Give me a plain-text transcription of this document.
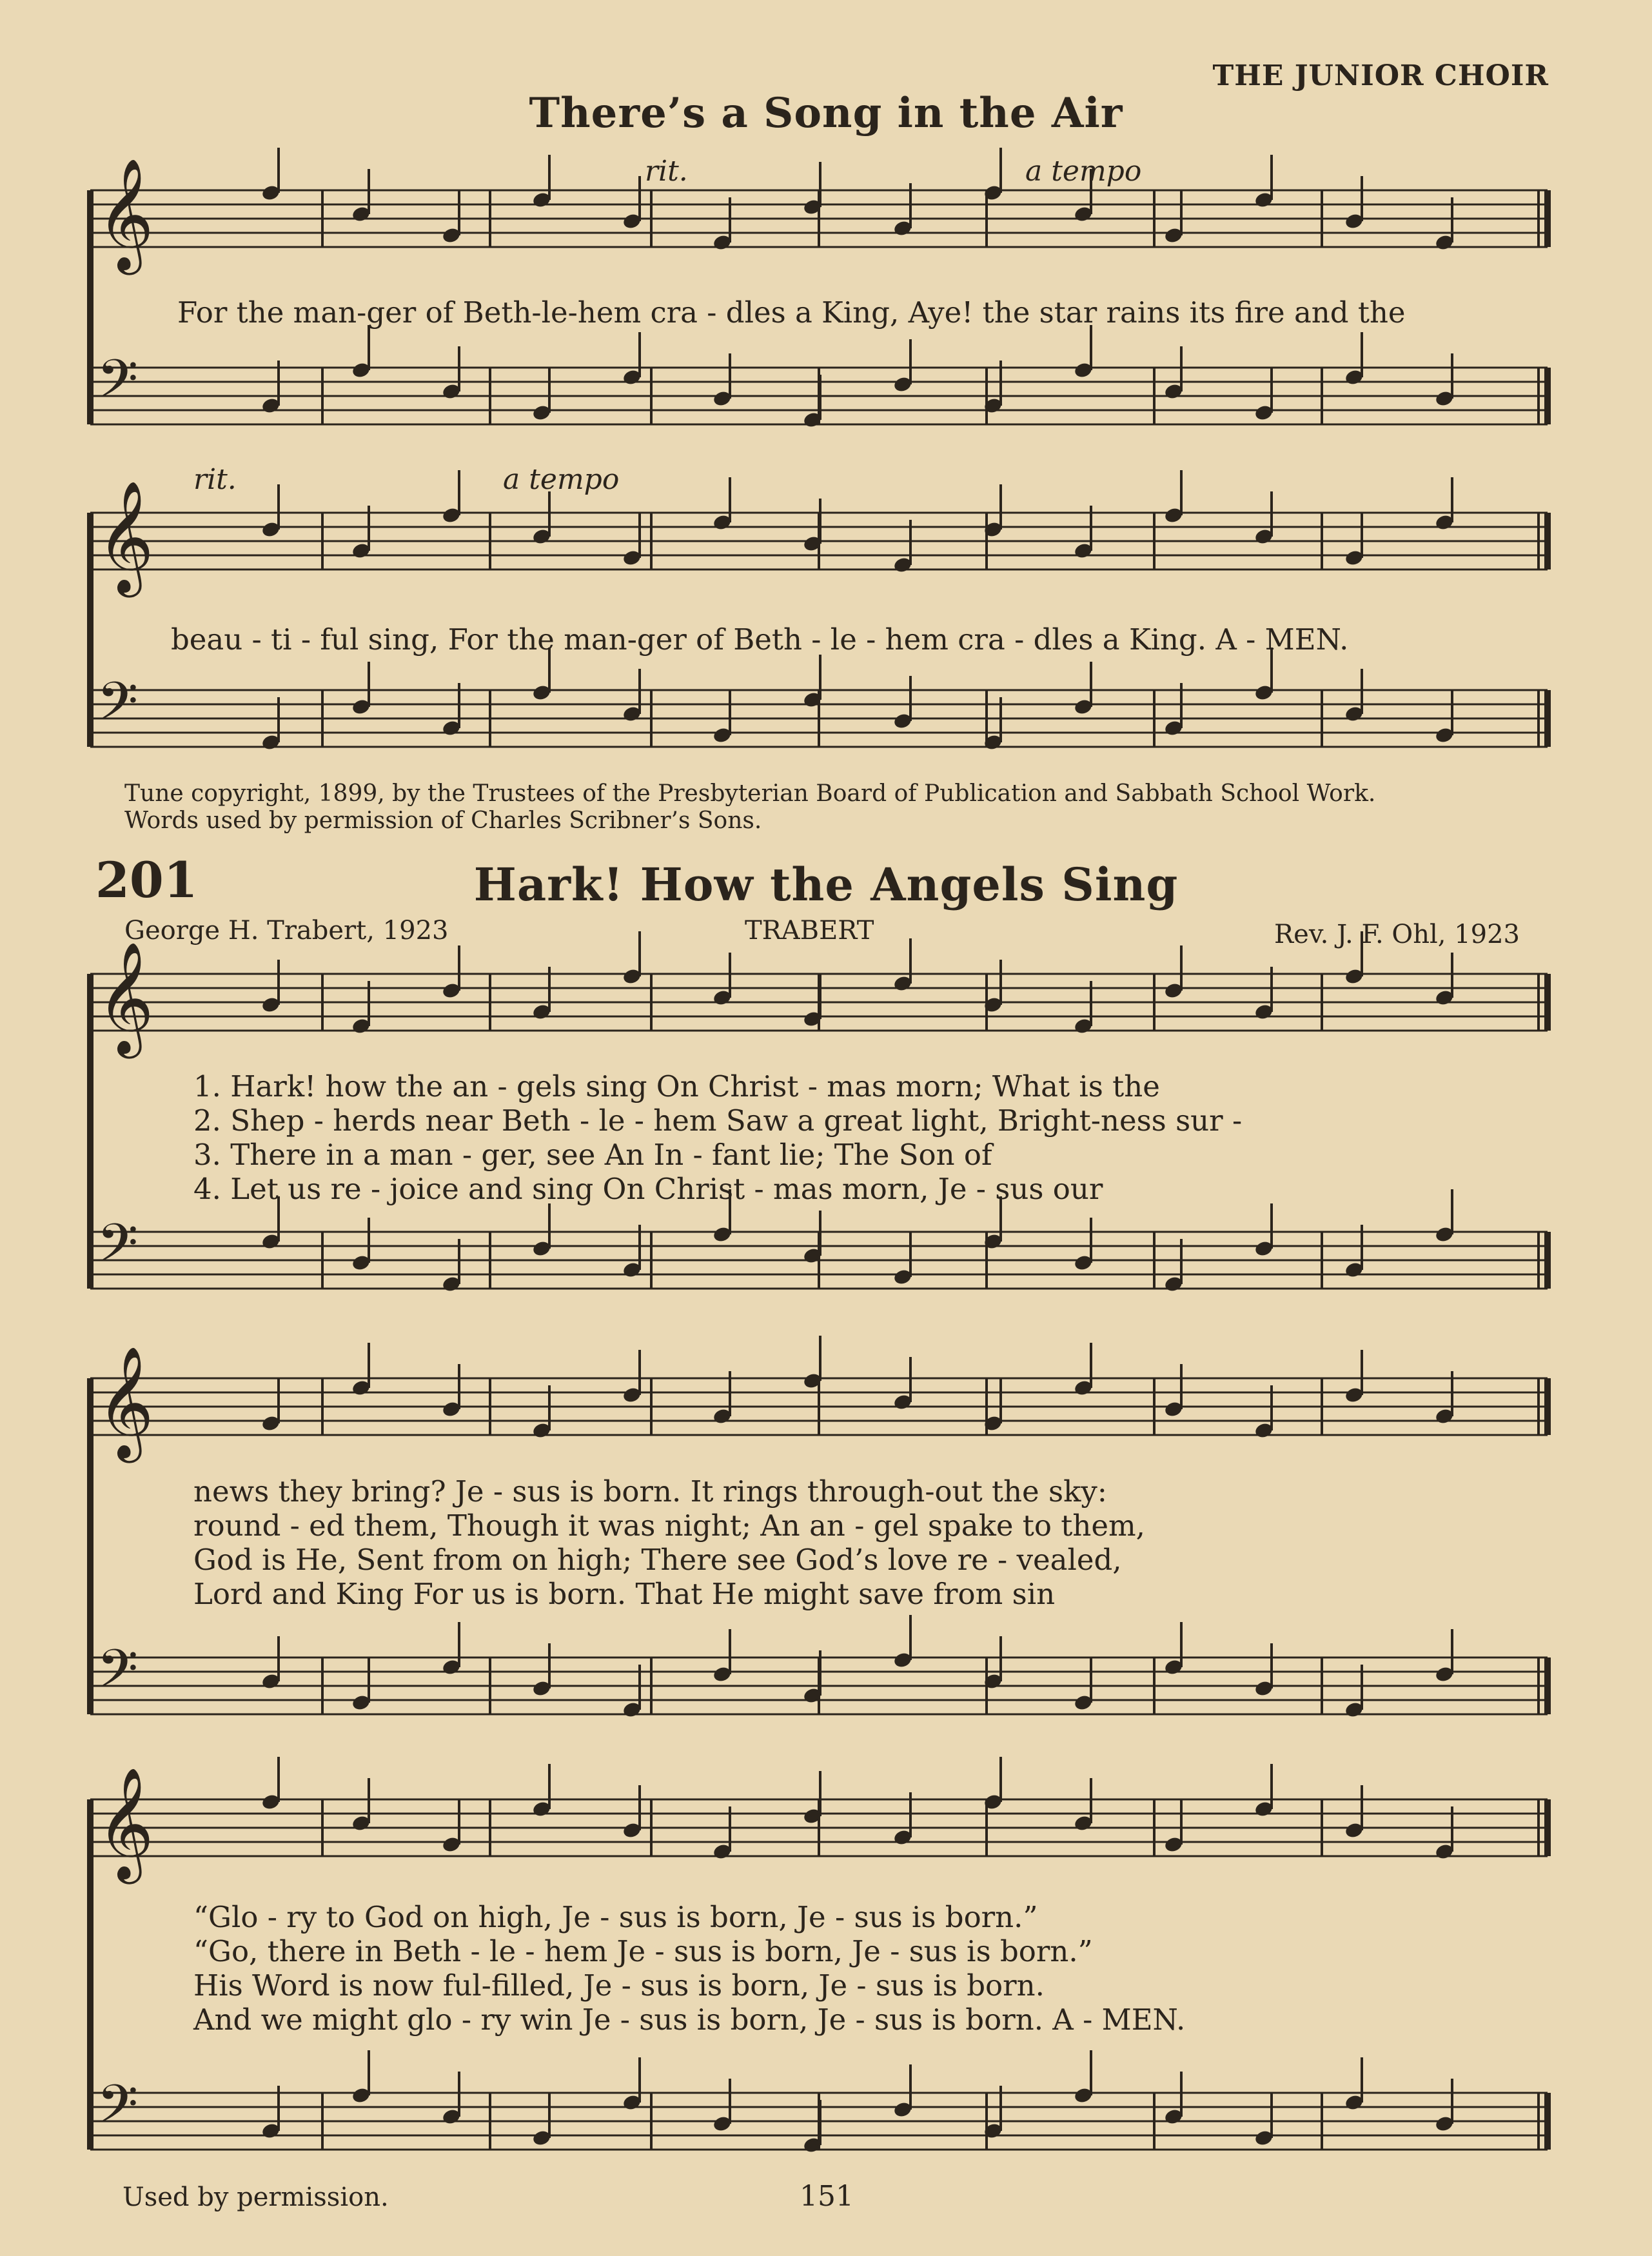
THE JUNIOR CHOIR
There’s a Song in the Air
rit.	a tempo
rit.	a tempo
𝄞
𝄢
𝄞
𝄢
𝄞
𝄢
𝄞
𝄢
𝄞
𝄢
For the man-ger of Beth-le-hem cra - dles a King, Aye! the star rains its fire and the
beau - ti - ful sing, For the man-ger of Beth - le - hem cra - dles a King. A - MEN.
Tune copyright, 1899, by the Trustees of the Presbyterian Board of Publication and Sabbath School Work.
Words used by permission of Charles Scribner’s Sons.
201	Hark! How the Angels Sing
George H. Trabert, 1923	TRABERT	Rev. J. F. Ohl, 1923
1. Hark! how the an - gels sing On Christ - mas morn; What is the
2. Shep - herds near Beth - le - hem Saw a great light, Bright-ness sur -
3. There in a man - ger, see An In - fant lie; The Son of
4. Let us re - joice and sing On Christ - mas morn, Je - sus our
news they bring? Je - sus is born. It rings through-out the sky:
round - ed them, Though it was night; An an - gel spake to them,
God is He, Sent from on high; There see God’s love re - vealed,
Lord and King For us is born. That He might save from sin
“Glo - ry to God on high, Je - sus is born, Je - sus is born.”
“Go, there in Beth - le - hem Je - sus is born, Je - sus is born.”
His Word is now ful-filled, Je - sus is born, Je - sus is born.
And we might glo - ry win Je - sus is born, Je - sus is born. A - MEN.
Used by permission.	151
